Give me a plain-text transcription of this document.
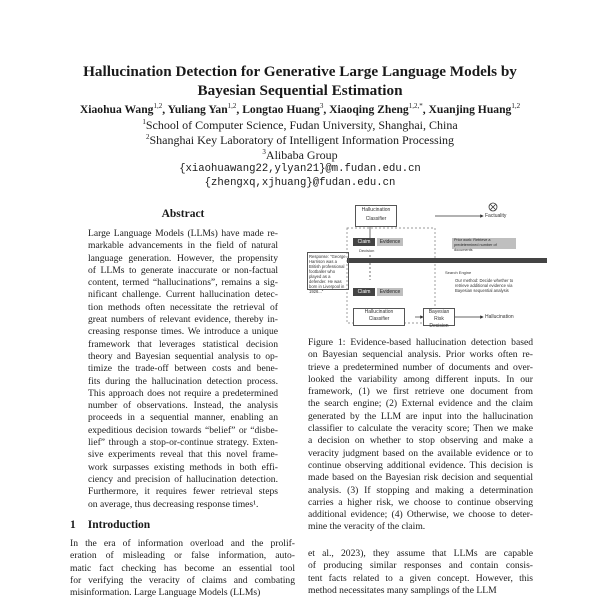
Hallucination Detection for Generative Large Language Models by
Bayesian Sequential Estimation
Xiaohua Wang$^{1,2}$, Yuliang Yan$^{1,2}$, Longtao Huang$^3$, Xiaoqing Zheng$^{1,2,*}$, Xuanjing Huang$^{1,2}$
$^1$School of Computer Science, Fudan University, Shanghai, China
$^2$Shanghai Key Laboratory of Intelligent Information Processing
$^3$Alibaba Group
{xiaohuawang22,ylyan21}@m.fudan.edu.cn
{zhengxq,xjhuang}@fudan.edu.cn
Abstract
Large Language Models (LLMs) have made re-
markable advancements in the field of natural
language generation. However, the propensity
of LLMs to generate inaccurate or non-factual
content, termed “hallucinations”, remains a sig-
nificant challenge. Current hallucination detec-
tion methods often necessitate the retrieval of
great numbers of relevant evidence, thereby in-
creasing response times. We introduce a unique
framework that leverages statistical decision
theory and Bayesian sequential analysis to op-
timize the trade-off between costs and bene-
fits during the hallucination detection process.
This approach does not require a predetermined
number of observations. Instead, the analysis
proceeds in a sequential manner, enabling an
expeditious decision towards “belief” or “disbe-
lief” through a stop-or-continue strategy. Exten-
sive experiments reveal that this novel frame-
work surpasses existing methods in both effi-
ciency and precision of hallucination detection.
Furthermore, it requires fewer retrieval steps
on average, thus decreasing response times¹.
1 Introduction
In the era of information overload and the prolif-
eration of misleading or false information, auto-
matic fact checking has become an essential tool
for verifying the veracity of claims and combating
misinformation. Large Language Models (LLMs)
Hallucination Classifier	Factuality
Claim	Evidence
Decision
Prior work: Retrieve a predetermined number of documents
Response: "George Harrison was a British professional footballer who played as a defender. He was born in Liverpool in 1926..."	Claim	Evidence
Our method: Decide whether to retrieve additional evidence via Bayesian sequential analysis
Search Engine
Hallucination Classifier
Bayesian Risk Decision
Hallucination
Figure 1: Evidence-based hallucination detection based
on Bayesian sequencial analysis. Prior works often re-
trieve a predetermined number of documents and over-
looked the variability among different inputs. In our
framework, (1) we first retrieve one document from
the search engine; (2) External evidence and the claim
generated by the LLM are input into the hallucination
classifier to calculate the veracity score; Then we make
a decision on whether to stop observing and make a
veracity judgment based on the available evidence or to
continue observing additional evidence. This decision is
made based on the Bayesian risk decision and sequential
analysis. (3) If stopping and making a determination
carries a higher risk, we choose to continue observing
additional evidence; (4) Otherwise, we choose to deter-
mine the veracity of the claim.
et al., 2023), they assume that LLMs are capable
of producing similar responses and contain consis-
tent facts related to a given concept. However, this
method necessitates many samplings of the LLM
